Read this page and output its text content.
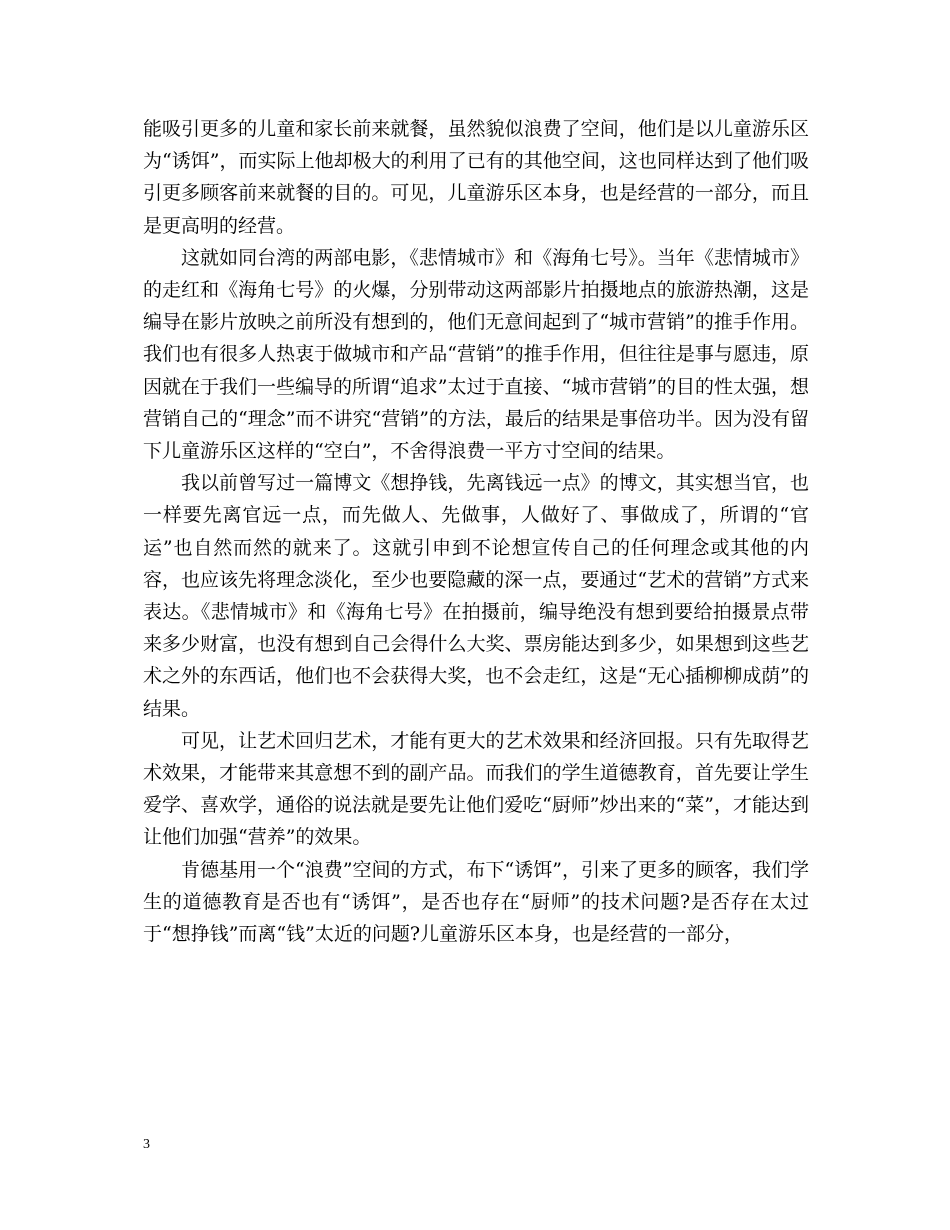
能吸引更多的儿童和家长前来就餐，虽然貌似浪费了空间，他们是以儿童游乐区为“诱饵”，而实际上他却极大的利用了已有的其他空间，这也同样达到了他们吸引更多顾客前来就餐的目的。可见，儿童游乐区本身，也是经营的一部分，而且是更高明的经营。

这就如同台湾的两部电影，《悲情城市》和《海角七号》。当年《悲情城市》的走红和《海角七号》的火爆，分别带动这两部影片拍摄地点的旅游热潮，这是编导在影片放映之前所没有想到的，他们无意间起到了“城市营销”的推手作用。我们也有很多人热衷于做城市和产品“营销”的推手作用，但往往是事与愿违，原因就在于我们一些编导的所谓“追求”太过于直接、“城市营销”的目的性太强，想营销自己的“理念”而不讲究“营销”的方法，最后的结果是事倍功半。因为没有留下儿童游乐区这样的“空白”，不舍得浪费一平方寸空间的结果。

我以前曾写过一篇博文《想挣钱，先离钱远一点》的博文，其实想当官，也一样要先离官远一点，而先做人、先做事，人做好了、事做成了，所谓的“官运”也自然而然的就来了。这就引申到不论想宣传自己的任何理念或其他的内容，也应该先将理念淡化，至少也要隐藏的深一点，要通过“艺术的营销”方式来表达。《悲情城市》和《海角七号》在拍摄前，编导绝没有想到要给拍摄景点带来多少财富，也没有想到自己会得什么大奖、票房能达到多少，如果想到这些艺术之外的东西话，他们也不会获得大奖，也不会走红，这是“无心插柳柳成荫”的结果。

可见，让艺术回归艺术，才能有更大的艺术效果和经济回报。只有先取得艺术效果，才能带来其意想不到的副产品。而我们的学生道德教育，首先要让学生爱学、喜欢学，通俗的说法就是要先让他们爱吃“厨师”炒出来的“菜”，才能达到让他们加强“营养”的效果。

肯德基用一个“浪费”空间的方式，布下“诱饵”，引来了更多的顾客，我们学生的道德教育是否也有“诱饵”，是否也存在“厨师”的技术问题?是否存在太过于“想挣钱”而离“钱”太近的问题?儿童游乐区本身，也是经营的一部分，

3
